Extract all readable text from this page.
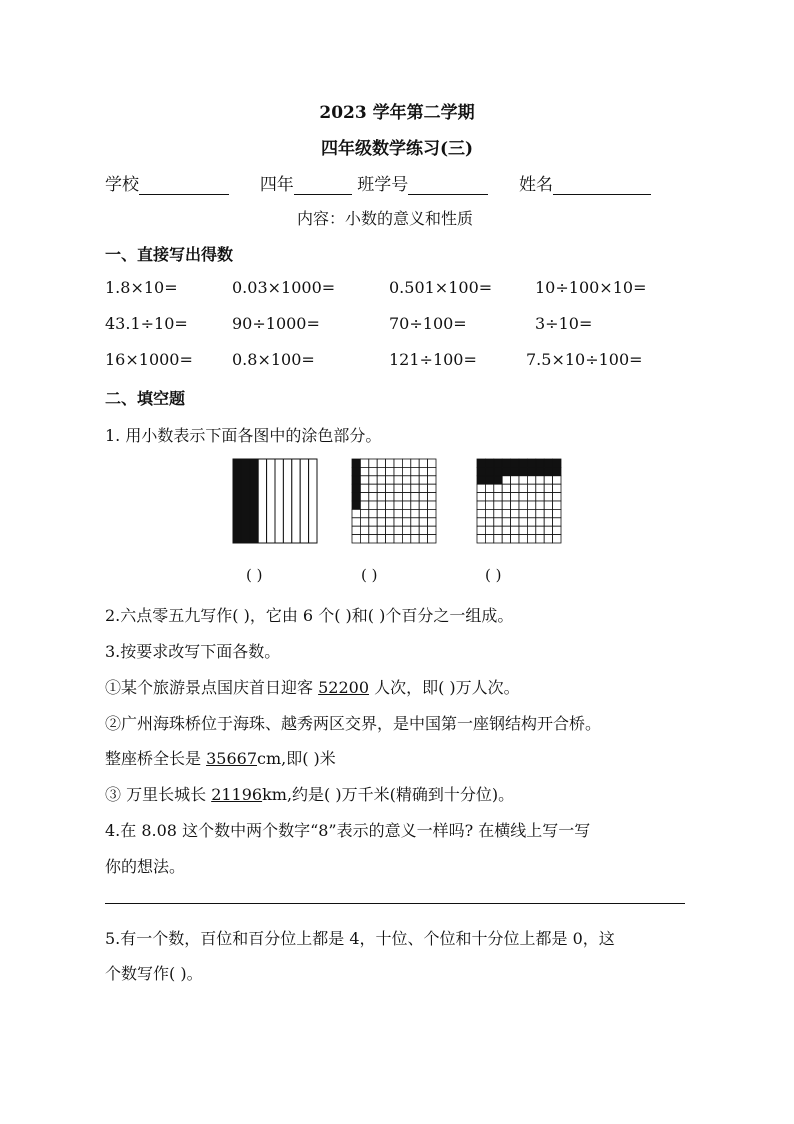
2023 学年第二学期
四年级数学练习(三)
学校	四年	班学号	姓名
内容：小数的意义和性质
一、直接写出得数
1.8×10=	0.03×1000=	0.501×100=	10÷100×10=
43.1÷10=	90÷1000=	70÷100=	3÷10=
16×1000= 0.8×100=	121÷100=	7.5×10÷100=
二、填空题
1. 用小数表示下面各图中的涂色部分。
( )	( )	( )
2.六点零五九写作( )，它由 6 个( )和( )个百分之一组成。
3.按要求改写下面各数。
①某个旅游景点国庆首日迎客 52200 人次，即( )万人次。
②广州海珠桥位于海珠、越秀两区交界，是中国第一座钢结构开合桥。
整座桥全长是 35667cm,即( )米
③ 万里长城长 21196km,约是( )万千米(精确到十分位)。
4.在 8.08 这个数中两个数字“8”表示的意义一样吗? 在横线上写一写
你的想法。
5.有一个数，百位和百分位上都是 4，十位、个位和十分位上都是 0，这
个数写作( )。
